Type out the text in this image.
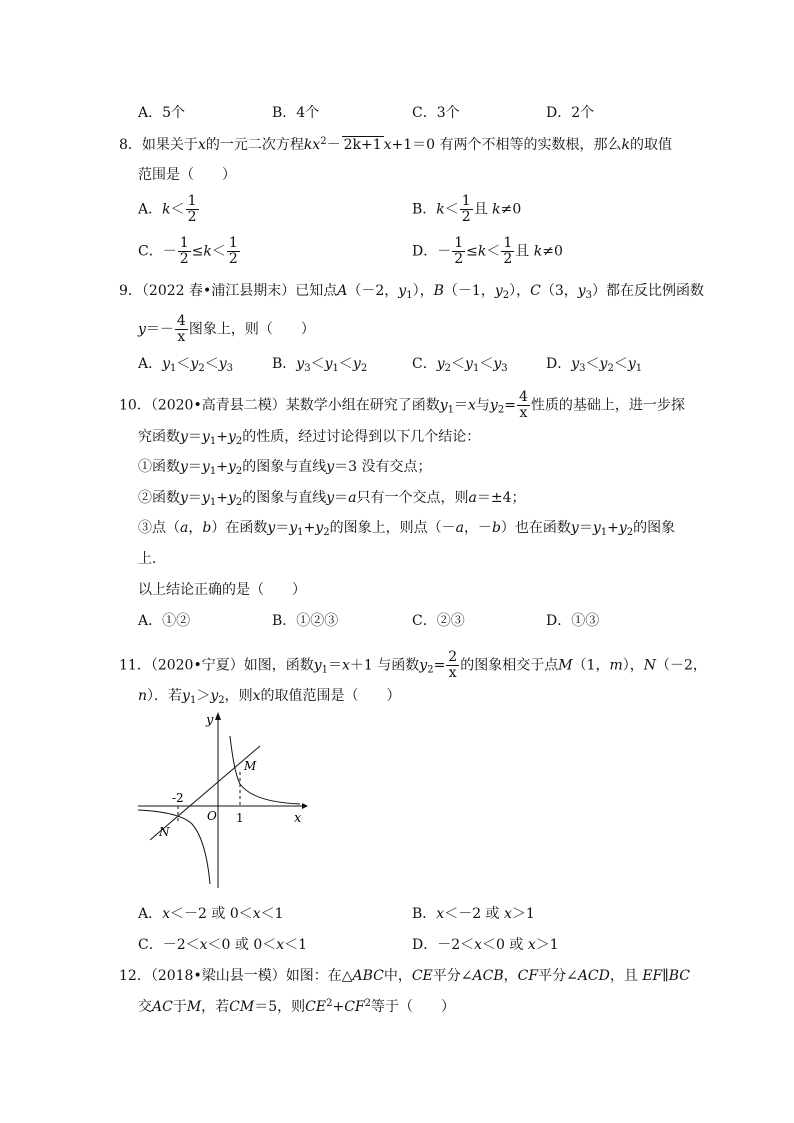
A．5个	B．4个	C．3个	D．2个
8．如果关于x的一元二次方程$kx^2- 2k+1$ x+1＝0 有两个不相等的实数根，那么k的取值
范围是（　　）
A．$k< \frac{1}{2}$	B．$k< \frac{1}{2}$ 且 k≠0
C．－ $\frac{1}{2} \le k< \frac{1}{2}$	D．－ $\frac{1}{2} \le k< \frac{1}{2}$ 且 k≠0
9．（2022 春•浦江县期末）已知点A（－2，$y_1$），B（－1，$y_2$），C（3，$y_3$）都在反比例函数
$y=- \frac{4}{x}$ 图象上，则（　　）
A．$y_1<y_2<y_3$	B．$y_3<y_1<y_2$	C．$y_2<y_1<y_3$	D．$y_3<y_2<y_1$
10．（2020•高青县二模）某数学小组在研究了函数$y_1=x$与$y_2= \frac{4}{x}$ 性质的基础上，进一步探
究函数$y=y_1+y_2$的性质，经过讨论得到以下几个结论：
①函数$y=y_1+y_2$的图象与直线y＝3 没有交点；
②函数$y=y_1+y_2$的图象与直线y＝a只有一个交点，则a＝±4；
③点（a，b）在函数$y=y_1+y_2$的图象上，则点（－a，－b）也在函数$y=y_1+y_2$的图象
上．
以上结论正确的是（　　）
A．①②	B．①②③	C．②③	D．①③
11．（2020•宁夏）如图，函数$y_1=x+1$ 与函数$y_2= \frac{2}{x}$ 的图象相交于点M（1，m），N（－2，
n）．若$y_1>y_2$，则x的取值范围是（　　）
y
x
O
-2
1
M
N
A．x＜－2 或 0＜x＜1	B．x＜－2 或 x＞1
C．－2＜x＜0 或 0＜x＜1	D．－2＜x＜0 或 x＞1
12．（2018•梁山县一模）如图：在△ABC中，CE平分∠ACB，CF平分∠ACD，且 EF∥BC
交AC于M，若CM＝5，则$CE^2+CF^2$等于（　　）
